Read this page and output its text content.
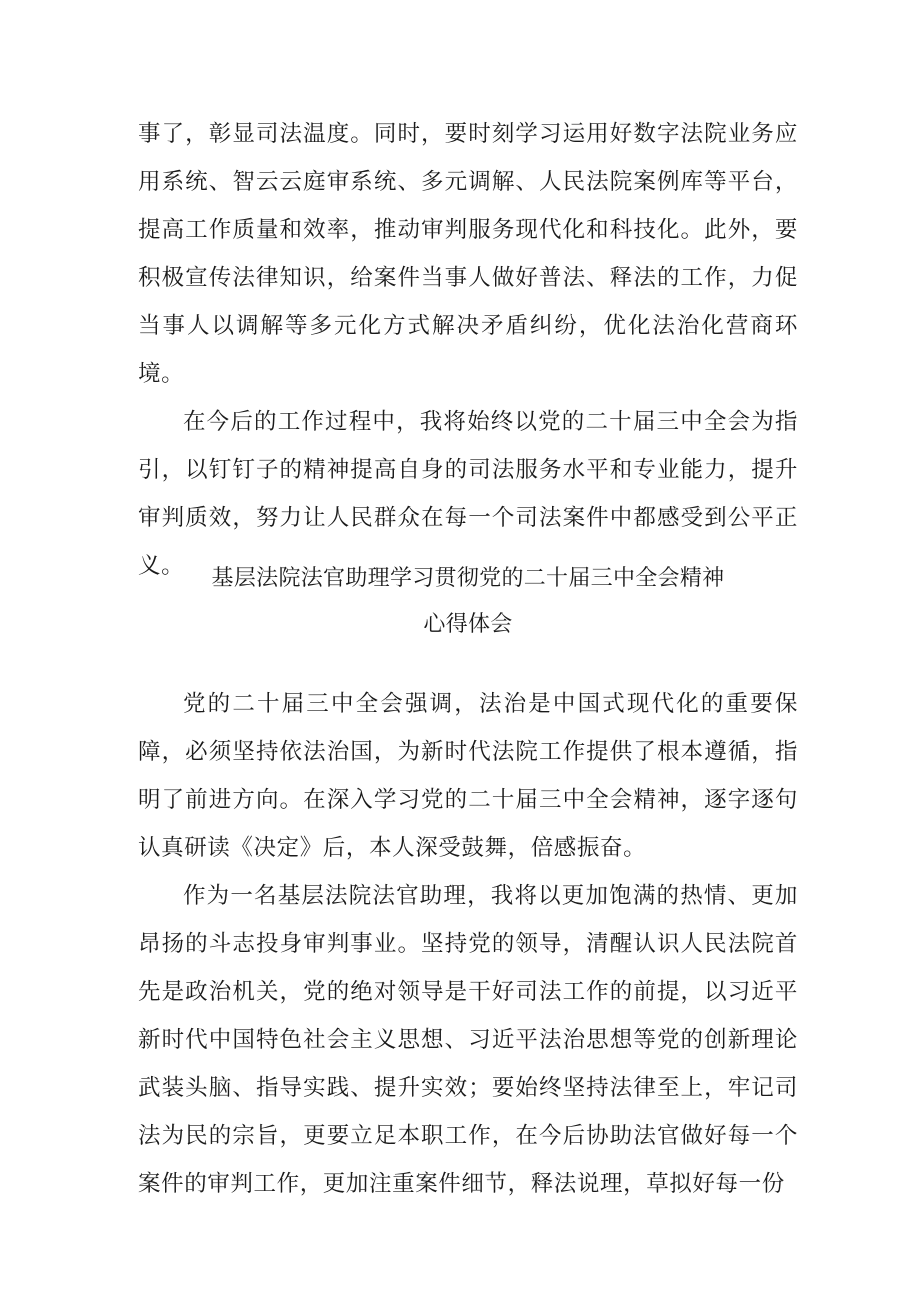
事了，彰显司法温度。同时，要时刻学习运用好数字法院业务应用系统、智云云庭审系统、多元调解、人民法院案例库等平台，提高工作质量和效率，推动审判服务现代化和科技化。此外，要积极宣传法律知识，给案件当事人做好普法、释法的工作，力促当事人以调解等多元化方式解决矛盾纠纷，优化法治化营商环境。

在今后的工作过程中，我将始终以党的二十届三中全会为指引，以钉钉子的精神提高自身的司法服务水平和专业能力，提升审判质效，努力让人民群众在每一个司法案件中都感受到公平正义。	基层法院法官助理学习贯彻党的二十届三中全会精神
心得体会

党的二十届三中全会强调，法治是中国式现代化的重要保障，必须坚持依法治国，为新时代法院工作提供了根本遵循，指明了前进方向。在深入学习党的二十届三中全会精神，逐字逐句认真研读《决定》后，本人深受鼓舞，倍感振奋。

作为一名基层法院法官助理，我将以更加饱满的热情、更加昂扬的斗志投身审判事业。坚持党的领导，清醒认识人民法院首先是政治机关，党的绝对领导是干好司法工作的前提，以习近平新时代中国特色社会主义思想、习近平法治思想等党的创新理论武装头脑、指导实践、提升实效；要始终坚持法律至上，牢记司法为民的宗旨，更要立足本职工作，在今后协助法官做好每一个案件的审判工作，更加注重案件细节，释法说理，草拟好每一份
